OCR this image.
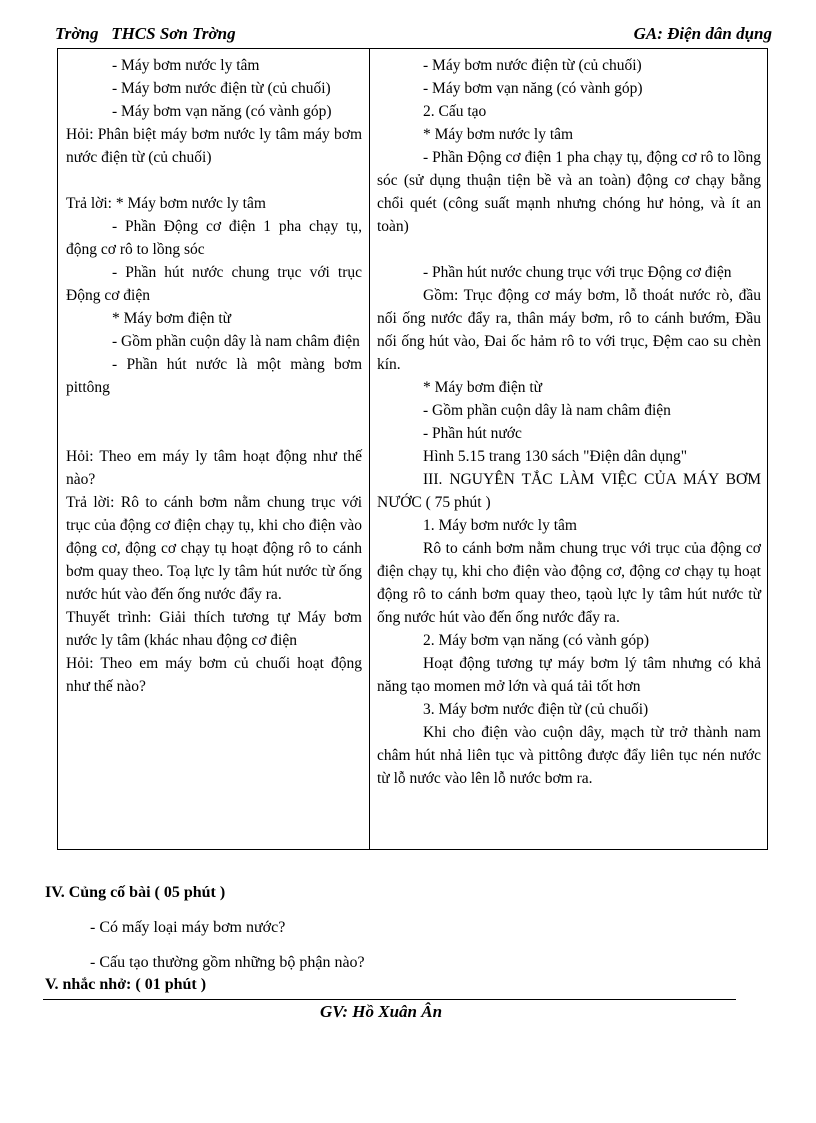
Trờng   THCS Sơn Trờng	GA: Điện dân dụng

- Máy bơm nước ly tâm

- Máy bơm nước điện từ (củ chuối)

- Máy bơm vạn năng (có vành góp)

Hỏi: Phân biệt máy bơm nước ly tâm máy bơm nước điện từ (củ chuối)

Trả lời: * Máy bơm nước ly tâm

- Phần Động cơ điện 1 pha chạy tụ, động cơ rô to lồng sóc

- Phần hút nước chung trục với trục Động cơ điện

* Máy bơm điện từ

- Gồm phần cuộn dây là nam châm điện

- Phần hút nước là một màng bơm pittông

Hỏi: Theo em máy ly tâm hoạt động như thế nào?

Trả lời: Rô to cánh bơm nằm chung trục với trục của động cơ điện chạy tụ, khi cho điện vào động cơ, động cơ chạy tụ hoạt động rô to cánh bơm quay theo. Toạ lực ly tâm hút nước từ ống nước hút vào đến ống nước đẩy ra.

Thuyết trình: Giải thích tương tự Máy bơm nước ly tâm (khác nhau động cơ điện

Hỏi: Theo em máy bơm củ chuối hoạt động như thế nào?

- Máy bơm nước điện từ (củ chuối)

- Máy bơm vạn năng (có vành góp)

2. Cấu tạo

* Máy bơm nước ly tâm

- Phần Động cơ điện 1 pha chạy tụ, động cơ rô to lồng sóc (sử dụng thuận tiện bề và an toàn) động cơ chạy bằng chổi quét (công suất mạnh nhưng chóng hư hỏng, và ít an toàn)

- Phần hút nước chung trục với trục Động cơ điện

Gồm: Trục động cơ máy bơm, lỗ thoát nước rò, đầu nối ống nước đẩy ra, thân máy bơm, rô to cánh bướm, Đầu nối ống hút vào, Đai ốc hảm rô to với trục, Đệm cao su chèn kín.

* Máy bơm điện từ

- Gồm phần cuộn dây là nam châm điện

- Phần hút nước

Hình 5.15 trang 130 sách "Điện dân dụng"

III. NGUYÊN TẮC LÀM VIỆC CỦA MÁY BƠM NƯỚC ( 75 phút )

1. Máy bơm nước ly tâm

Rô to cánh bơm nằm chung trục với trục của động cơ điện chạy tụ, khi cho điện vào động cơ, động cơ chạy tụ hoạt động rô to cánh bơm quay theo, tạoù lực ly tâm hút nước từ ống nước hút vào đến ống nước đẩy ra.

2. Máy bơm vạn năng (có vành góp)

Hoạt động tương tự máy bơm lý tâm nhưng có khả năng tạo momen mở lớn và quá tải tốt hơn

3. Máy bơm nước điện từ (củ chuối)

Khi cho điện vào cuộn dây, mạch từ trở thành nam châm hút nhả liên tục và pittông được đẩy liên tục nén nước từ lỗ nước vào lên lỗ nước bơm ra.

IV. Củng cố bài ( 05 phút )
- Có mấy loại máy bơm nước?
- Cấu tạo thường gồm những bộ phận nào?
V. nhắc nhở: ( 01 phút )
GV: Hồ Xuân Ân
